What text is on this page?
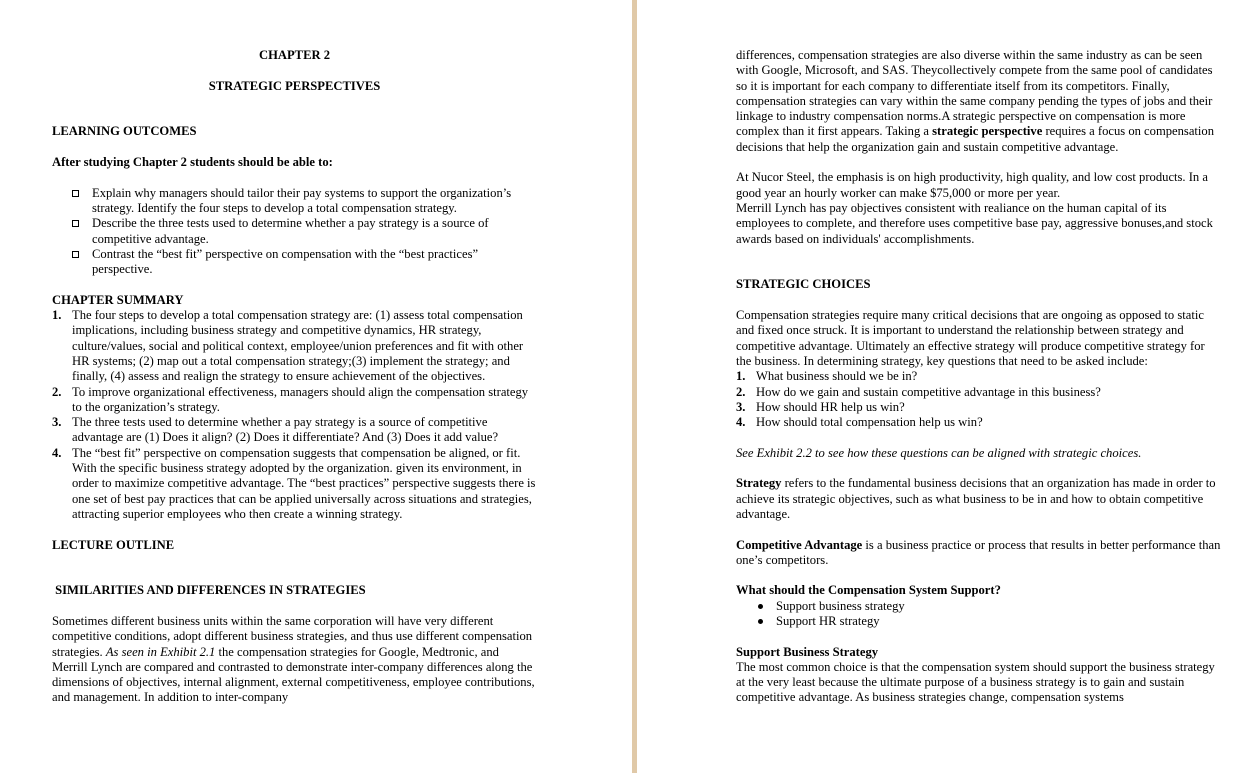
CHAPTER 2

STRATEGIC PERSPECTIVES

LEARNING OUTCOMES

After studying Chapter 2 students should be able to:

Explain why managers should tailor their pay systems to support the organization’s strategy. Identify the four steps to develop a total compensation strategy.
Describe the three tests used to determine whether a pay strategy is a source of competitive advantage.
Contrast the “best fit” perspective on compensation with the “best practices” perspective.

CHAPTER SUMMARY

1. The four steps to develop a total compensation strategy are: (1) assess total compensation implications, including business strategy and competitive dynamics, HR strategy, culture/values, social and political context, employee/union preferences and fit with other HR systems; (2) map out a total compensation strategy;(3) implement the strategy; and finally, (4) assess and realign the strategy to ensure achievement of the objectives.
2. To improve organizational effectiveness, managers should align the compensation strategy to the organization’s strategy.
3. The three tests used to determine whether a pay strategy is a source of competitive advantage are (1) Does it align? (2) Does it differentiate? And (3) Does it add value?
4. The “best fit” perspective on compensation suggests that compensation be aligned, or fit. With the specific business strategy adopted by the organization. given its environment, in order to maximize competitive advantage. The “best practices” perspective suggests there is one set of best pay practices that can be applied universally across situations and strategies, attracting superior employees who then create a winning strategy.

LECTURE OUTLINE

SIMILARITIES AND DIFFERENCES IN STRATEGIES

Sometimes different business units within the same corporation will have very different competitive conditions, adopt different business strategies, and thus use different compensation strategies. As seen in Exhibit 2.1 the compensation strategies for Google, Medtronic, and Merrill Lynch are compared and contrasted to demonstrate inter-company differences along the dimensions of objectives, internal alignment, external competitiveness, employee contributions, and management. In addition to inter-company

differences, compensation strategies are also diverse within the same industry as can be seen with Google, Microsoft, and SAS. Theycollectively compete from the same pool of candidates so it is important for each company to differentiate itself from its competitors. Finally, compensation strategies can vary within the same company pending the types of jobs and their linkage to industry compensation norms.A strategic perspective on compensation is more complex than it first appears. Taking a strategic perspective requires a focus on compensation decisions that help the organization gain and sustain competitive advantage.

At Nucor Steel, the emphasis is on high productivity, high quality, and low cost products. In a good year an hourly worker can make $75,000 or more per year.

Merrill Lynch has pay objectives consistent with realiance on the human capital of its employees to complete, and therefore uses competitive base pay, aggressive bonuses,and stock awards based on individuals' accomplishments.

STRATEGIC CHOICES

Compensation strategies require many critical decisions that are ongoing as opposed to static and fixed once struck. It is important to understand the relationship between strategy and competitive advantage. Ultimately an effective strategy will produce competitive strategy for the business. In determining strategy, key questions that need to be asked include:

1. What business should we be in?
2. How do we gain and sustain competitive advantage in this business?
3. How should HR help us win?
4. How should total compensation help us win?

See Exhibit 2.2 to see how these questions can be aligned with strategic choices.

Strategy refers to the fundamental business decisions that an organization has made in order to achieve its strategic objectives, such as what business to be in and how to obtain competitive advantage.

Competitive Advantage is a business practice or process that results in better performance than one’s competitors.

What should the Compensation System Support?

Support business strategy
Support HR strategy

Support Business Strategy

The most common choice is that the compensation system should support the business strategy at the very least because the ultimate purpose of a business strategy is to gain and sustain competitive advantage. As business strategies change, compensation systems
